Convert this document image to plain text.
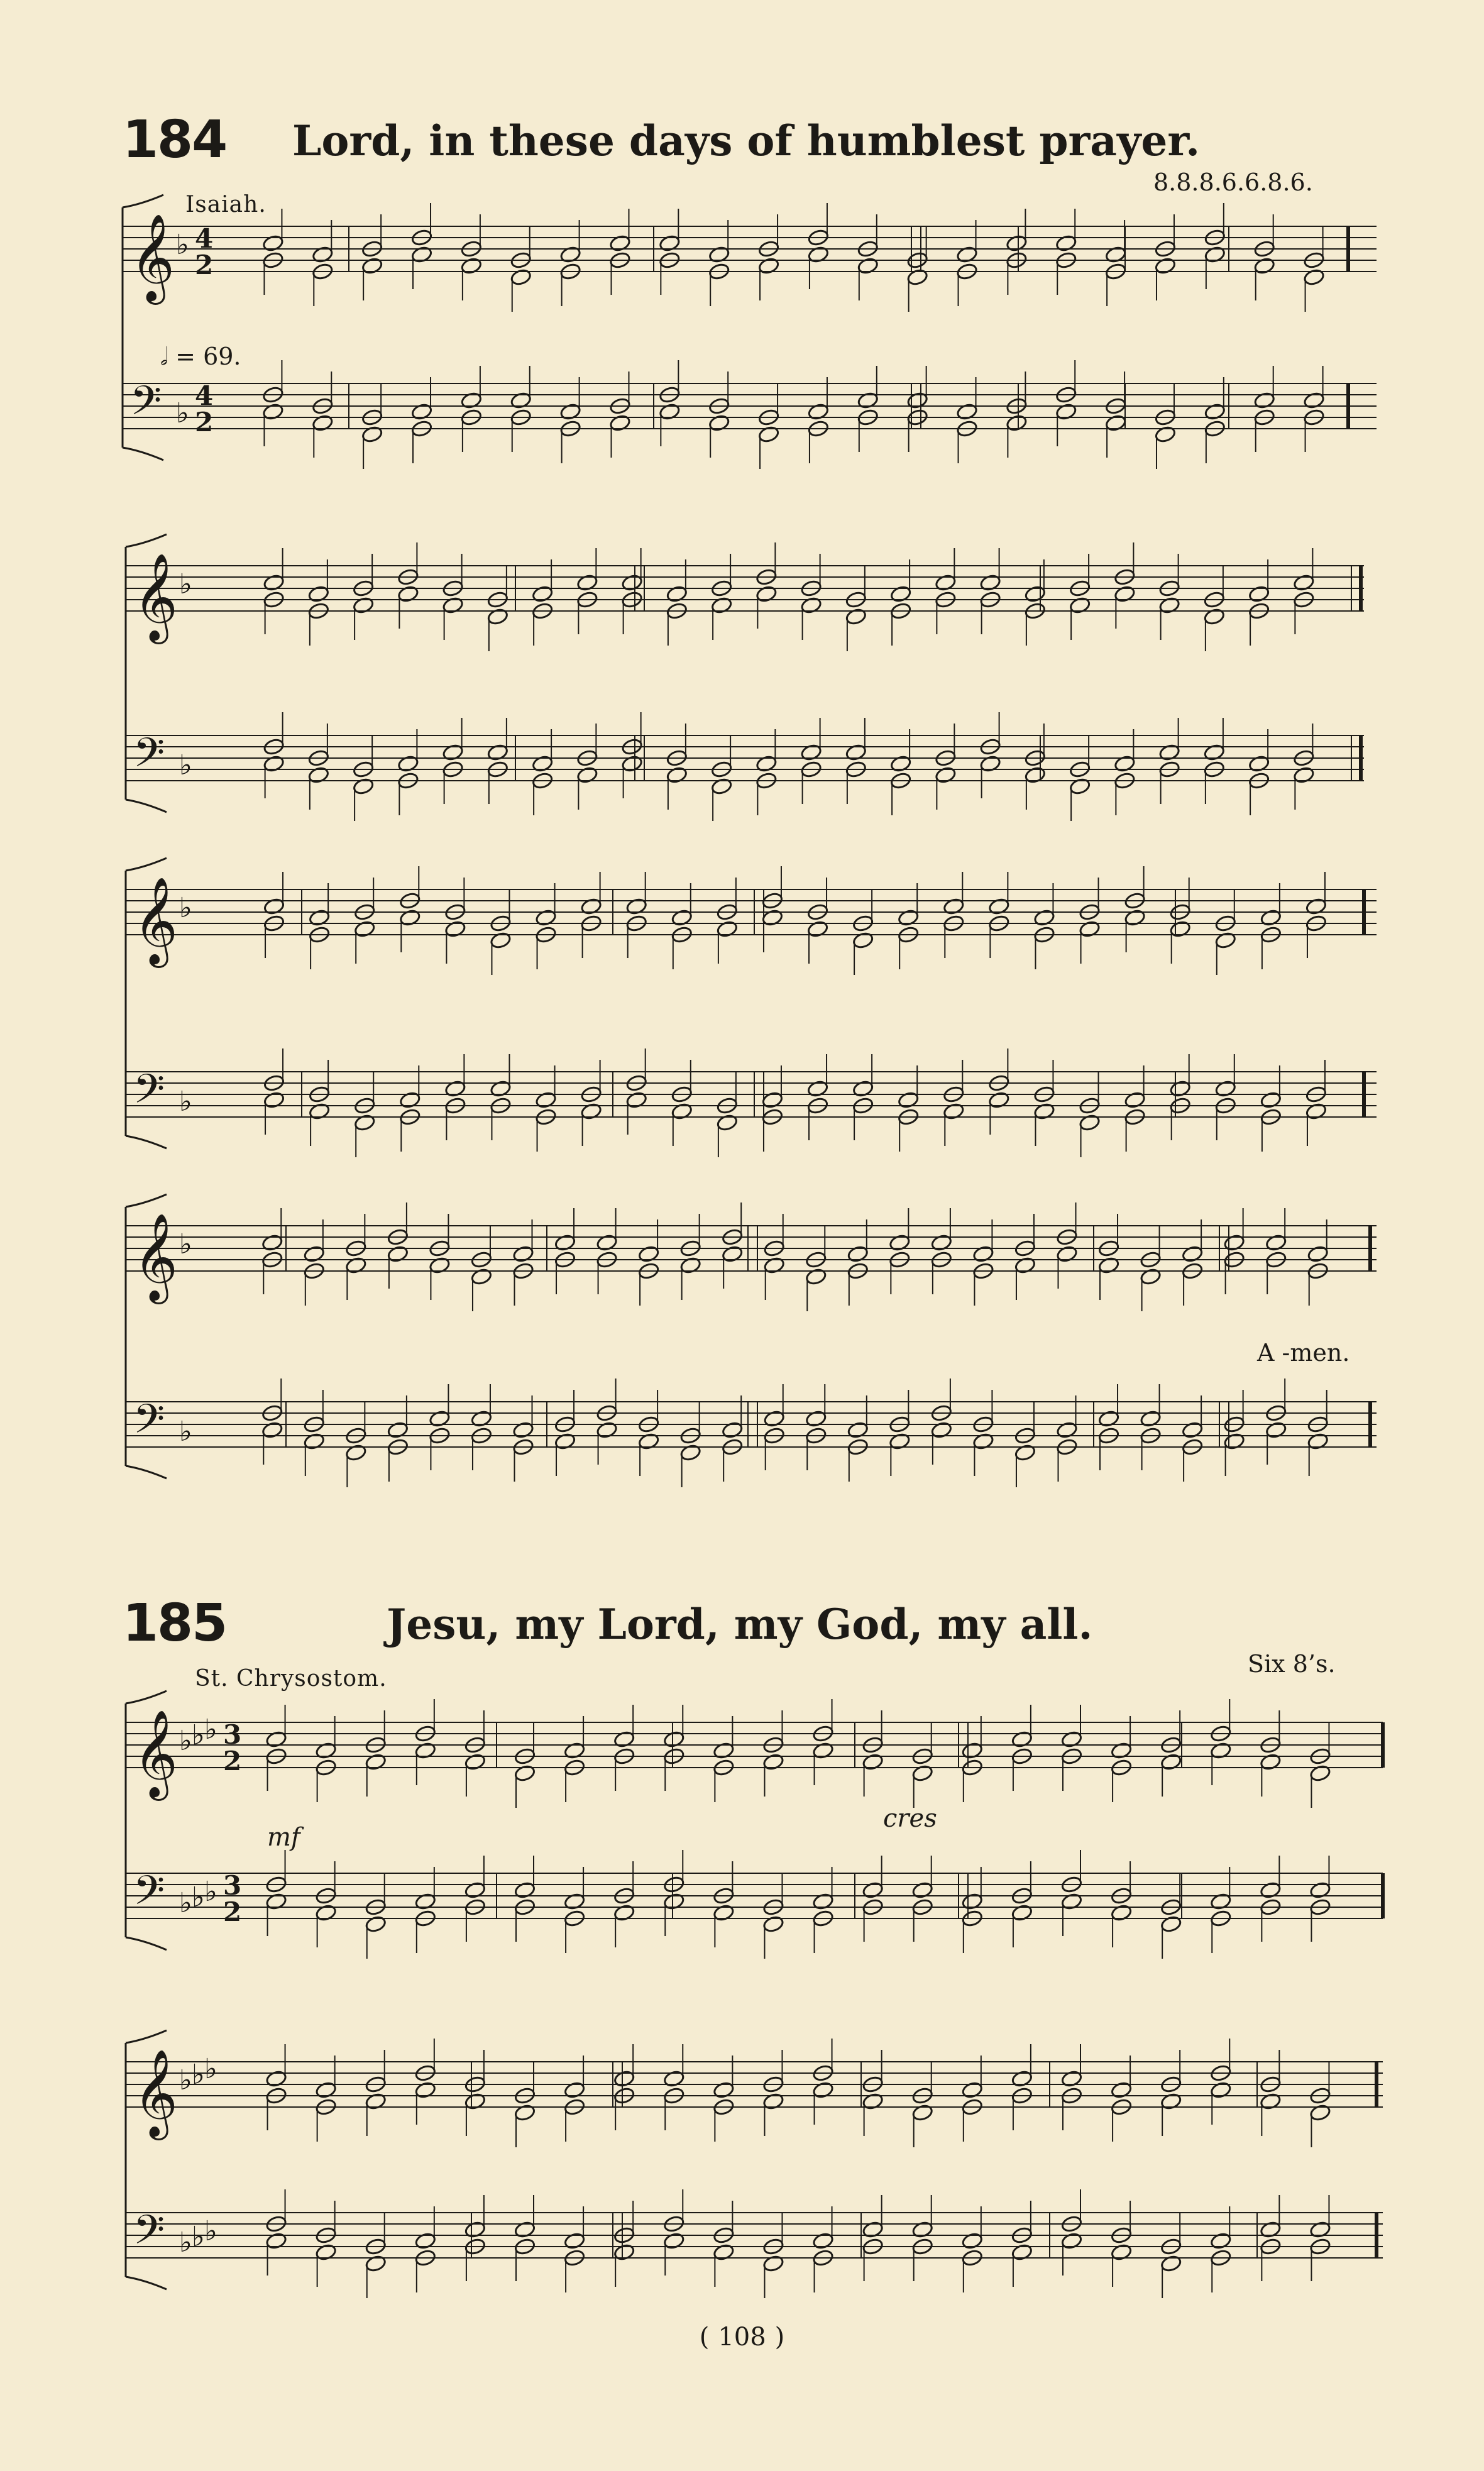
184 Lord, in these days of humblest prayer.
8.8.8.6.6.8.6.
Isaiah.
𝅗𝅥 = 69.
𝄞
𝄢
♭
♭
4
2
4
2
𝄞
𝄢
♭
♭
𝄞
𝄢
♭
♭
𝄞
𝄢
♭
♭
A -men.
185	Jesu, my Lord, my God, my all.
Six 8’s.
St. Chrysostom.
𝄞
𝄢
♭
♭
♭
♭
♭
♭
3
2
3
2
𝄞
𝄢
♭
♭
♭
♭
♭
♭
mf
cres
( 108 )
